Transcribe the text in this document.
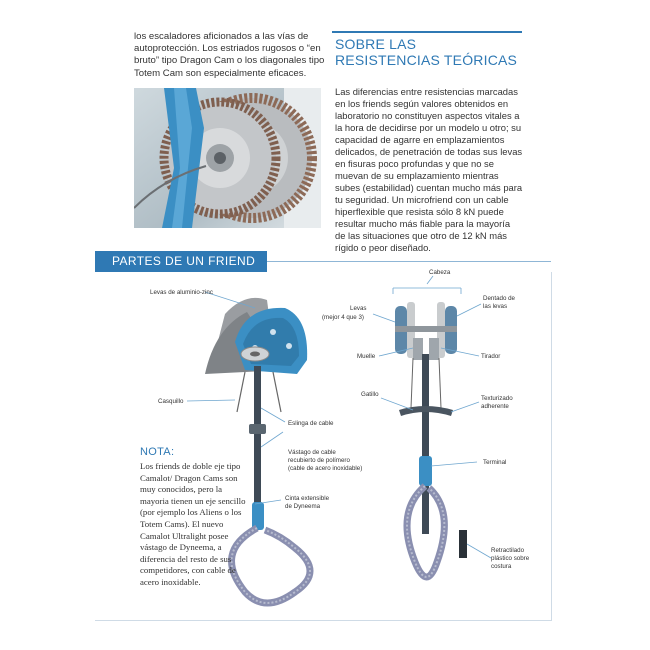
los escaladores aficionados a las vías de autoprotección. Los estriados rugosos o “en bruto” tipo Dragon Cam o los diagonales tipo Totem Cam son especialmente eficaces.
SOBRE LAS RESISTENCIAS TEÓRICAS
Las diferencias entre resistencias marcadas en los friends según valores obtenidos en laboratorio no constituyen aspectos vitales a la hora de decidirse por un modelo u otro; su capacidad de agarre en emplazamientos delicados, de penetración de todas sus levas en fisuras poco profundas y que no se muevan de su emplazamiento mientras subes (estabilidad) cuentan mucho más para tu seguridad. Un microfriend con un cable hiperflexible que resista sólo 8 kN puede resultar mucho más fiable para la mayoría de las situaciones que otro de 12 kN más rígido o peor diseñado.
PARTES DE UN FRIEND
Levas de aluminio-zinc
Casquillo
Eslinga de cable
Vástago de cable
recubierto de polímero
(cable de acero inoxidable)
Cinta extensible
de Dyneema
Cabeza
Levas
(mejor 4 que 3)
Dentado de
las levas
Muelle	Tirador
Gatillo
Texturizado
adherente
Terminal
Retractilado
plástico sobre
costura
NOTA:
Los friends de doble eje tipo Camalot/ Dragon Cams son muy conocidos, pero la mayoria tienen un eje sencillo (por ejemplo los Aliens o los Totem Cams). El nuevo Camalot Ultralight posee vástago de Dyneema, a diferencia del resto de sus competidores, con cable de acero inoxidable.
